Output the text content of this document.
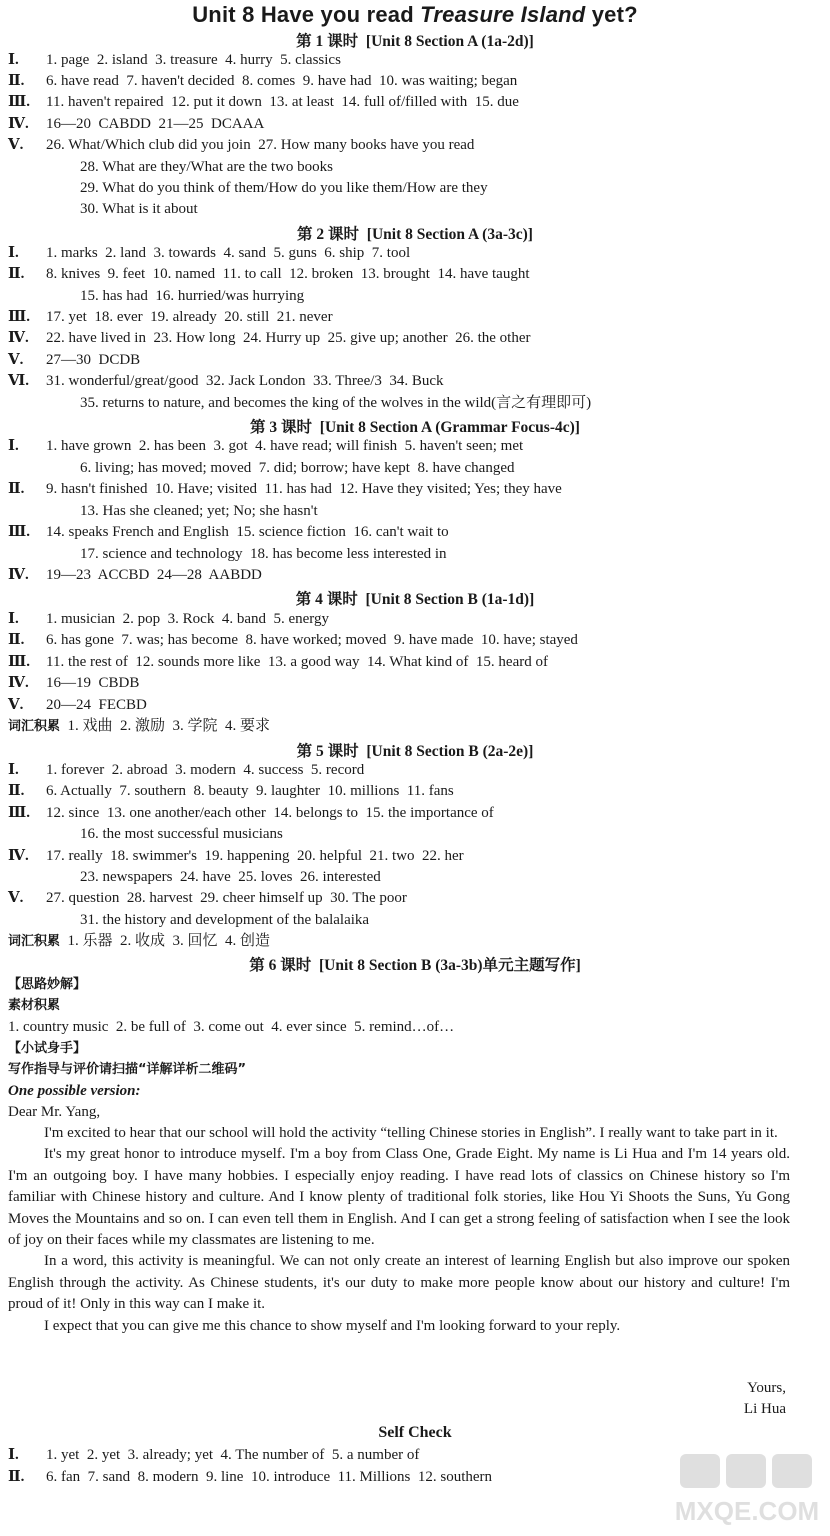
Unit 8 Have you read Treasure Island yet?
第 1 课时  [Unit 8 Section A (1a-2d)]
Ⅰ. 1. page  2. island  3. treasure  4. hurry  5. classics
Ⅱ. 6. have read  7. haven't decided  8. comes  9. have had  10. was waiting; began
Ⅲ. 11. haven't repaired  12. put it down  13. at least  14. full of/filled with  15. due
Ⅳ. 16—20  CABDD  21—25  DCAAA
Ⅴ. 26. What/Which club did you join  27. How many books have you read
28. What are they/What are the two books
29. What do you think of them/How do you like them/How are they
30. What is it about
第 2 课时  [Unit 8 Section A (3a-3c)]
Ⅰ. 1. marks  2. land  3. towards  4. sand  5. guns  6. ship  7. tool
Ⅱ. 8. knives  9. feet  10. named  11. to call  12. broken  13. brought  14. have taught
15. has had  16. hurried/was hurrying
Ⅲ. 17. yet  18. ever  19. already  20. still  21. never
Ⅳ. 22. have lived in  23. How long  24. Hurry up  25. give up; another  26. the other
Ⅴ. 27—30  DCDB
Ⅵ. 31. wonderful/great/good  32. Jack London  33. Three/3  34. Buck
35. returns to nature, and becomes the king of the wolves in the wild(言之有理即可)
第 3 课时  [Unit 8 Section A (Grammar Focus-4c)]
Ⅰ. 1. have grown  2. has been  3. got  4. have read; will finish  5. haven't seen; met
6. living; has moved; moved  7. did; borrow; have kept  8. have changed
Ⅱ. 9. hasn't finished  10. Have; visited  11. has had  12. Have they visited; Yes; they have
13. Has she cleaned; yet; No; she hasn't
Ⅲ. 14. speaks French and English  15. science fiction  16. can't wait to
17. science and technology  18. has become less interested in
Ⅳ. 19—23  ACCBD  24—28  AABDD
第 4 课时  [Unit 8 Section B (1a-1d)]
Ⅰ. 1. musician  2. pop  3. Rock  4. band  5. energy
Ⅱ. 6. has gone  7. was; has become  8. have worked; moved  9. have made  10. have; stayed
Ⅲ. 11. the rest of  12. sounds more like  13. a good way  14. What kind of  15. heard of
Ⅳ. 16—19  CBDB
Ⅴ. 20—24  FECBD
词汇积累 1. 戏曲  2. 激励  3. 学院  4. 要求
第 5 课时  [Unit 8 Section B (2a-2e)]
Ⅰ. 1. forever  2. abroad  3. modern  4. success  5. record
Ⅱ. 6. Actually  7. southern  8. beauty  9. laughter  10. millions  11. fans
Ⅲ. 12. since  13. one another/each other  14. belongs to  15. the importance of
16. the most successful musicians
Ⅳ. 17. really  18. swimmer's  19. happening  20. helpful  21. two  22. her
23. newspapers  24. have  25. loves  26. interested
Ⅴ. 27. question  28. harvest  29. cheer himself up  30. The poor
31. the history and development of the balalaika
词汇积累 1. 乐器  2. 收成  3. 回忆  4. 创造
第 6 课时  [Unit 8 Section B (3a-3b)单元主题写作]
【思路妙解】
素材积累
1. country music  2. be full of  3. come out  4. ever since  5. remind…of…
【小试身手】
写作指导与评价请扫描“详解详析二维码”
One possible version:
Dear Mr. Yang,

I'm excited to hear that our school will hold the activity “telling Chinese stories in English”. I really want to take part in it.

It's my great honor to introduce myself. I'm a boy from Class One, Grade Eight. My name is Li Hua and I'm 14 years old. I'm an outgoing boy. I have many hobbies. I especially enjoy reading. I have read lots of classics on Chinese history so I'm familiar with Chinese history and culture. And I know plenty of traditional folk stories, like Hou Yi Shoots the Suns, Yu Gong Moves the Mountains and so on. I can even tell them in English. And I can get a strong feeling of satisfaction when I see the look of joy on their faces while my classmates are listening to me.

In a word, this activity is meaningful. We can not only create an interest of learning English but also improve our spoken English through the activity. As Chinese students, it's our duty to make more people know about our history and culture! I'm proud of it! Only in this way can I make it.

I expect that you can give me this chance to show myself and I'm looking forward to your reply.

Yours,
Li Hua
Self Check
Ⅰ. 1. yet  2. yet  3. already; yet  4. The number of  5. a number of
Ⅱ. 6. fan  7. sand  8. modern  9. line  10. introduce  11. Millions  12. southern
MXQE.COM
